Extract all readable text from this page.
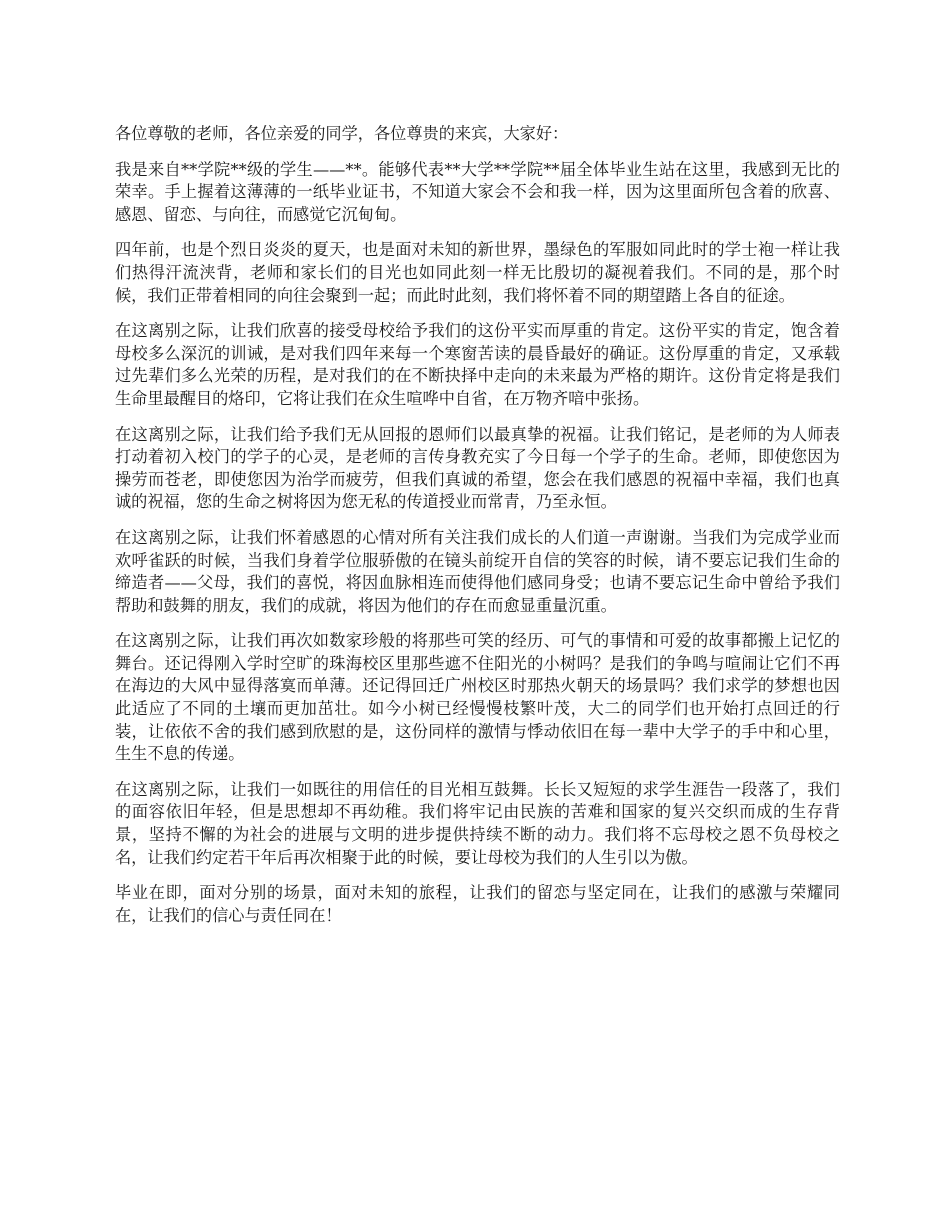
各位尊敬的老师，各位亲爱的同学，各位尊贵的来宾，大家好：

我是来自**学院**级的学生——**。能够代表**大学**学院**届全体毕业生站在这里，我感到无比的荣幸。手上握着这薄薄的一纸毕业证书，不知道大家会不会和我一样，因为这里面所包含着的欣喜、感恩、留恋、与向往，而感觉它沉甸甸。

四年前，也是个烈日炎炎的夏天，也是面对未知的新世界，墨绿色的军服如同此时的学士袍一样让我们热得汗流浃背，老师和家长们的目光也如同此刻一样无比殷切的凝视着我们。不同的是，那个时候，我们正带着相同的向往会聚到一起；而此时此刻，我们将怀着不同的期望踏上各自的征途。

在这离别之际，让我们欣喜的接受母校给予我们的这份平实而厚重的肯定。这份平实的肯定，饱含着母校多么深沉的训诫，是对我们四年来每一个寒窗苦读的晨昏最好的确证。这份厚重的肯定，又承载过先辈们多么光荣的历程，是对我们的在不断抉择中走向的未来最为严格的期许。这份肯定将是我们生命里最醒目的烙印，它将让我们在众生喧哗中自省，在万物齐喑中张扬。

在这离别之际，让我们给予我们无从回报的恩师们以最真挚的祝福。让我们铭记，是老师的为人师表打动着初入校门的学子的心灵，是老师的言传身教充实了今日每一个学子的生命。老师，即使您因为操劳而苍老，即使您因为治学而疲劳，但我们真诚的希望，您会在我们感恩的祝福中幸福，我们也真诚的祝福，您的生命之树将因为您无私的传道授业而常青，乃至永恒。

在这离别之际，让我们怀着感恩的心情对所有关注我们成长的人们道一声谢谢。当我们为完成学业而欢呼雀跃的时候，当我们身着学位服骄傲的在镜头前绽开自信的笑容的时候，请不要忘记我们生命的缔造者——父母，我们的喜悦，将因血脉相连而使得他们感同身受；也请不要忘记生命中曾给予我们帮助和鼓舞的朋友，我们的成就，将因为他们的存在而愈显重量沉重。

在这离别之际，让我们再次如数家珍般的将那些可笑的经历、可气的事情和可爱的故事都搬上记忆的舞台。还记得刚入学时空旷的珠海校区里那些遮不住阳光的小树吗？是我们的争鸣与喧闹让它们不再在海边的大风中显得落寞而单薄。还记得回迁广州校区时那热火朝天的场景吗？我们求学的梦想也因此适应了不同的土壤而更加茁壮。如今小树已经慢慢枝繁叶茂，大二的同学们也开始打点回迁的行装，让依依不舍的我们感到欣慰的是，这份同样的激情与悸动依旧在每一辈中大学子的手中和心里，生生不息的传递。

在这离别之际，让我们一如既往的用信任的目光相互鼓舞。长长又短短的求学生涯告一段落了，我们的面容依旧年轻，但是思想却不再幼稚。我们将牢记由民族的苦难和国家的复兴交织而成的生存背景，坚持不懈的为社会的进展与文明的进步提供持续不断的动力。我们将不忘母校之恩不负母校之名，让我们约定若干年后再次相聚于此的时候，要让母校为我们的人生引以为傲。

毕业在即，面对分别的场景，面对未知的旅程，让我们的留恋与坚定同在，让我们的感激与荣耀同在，让我们的信心与责任同在！
